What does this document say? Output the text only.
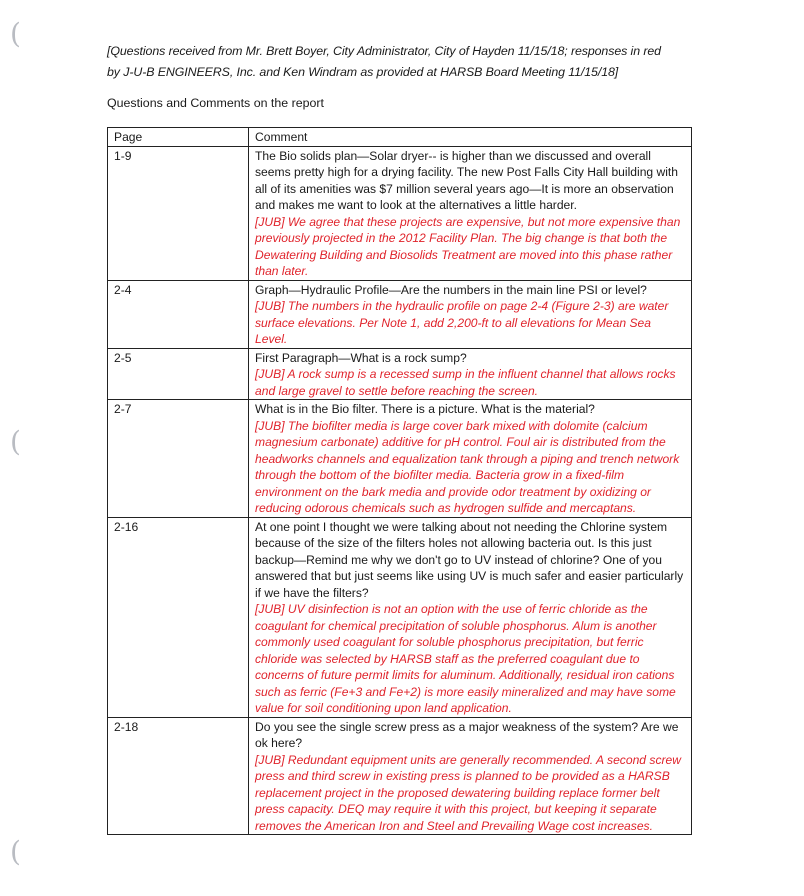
(
(
(
[Questions received from Mr. Brett Boyer, City Administrator, City of Hayden 11/15/18; responses in red
by J-U-B ENGINEERS, Inc. and Ken Windram as provided at HARSB Board Meeting 11/15/18]
Questions and Comments on the report
Page	Comment
1-9	The Bio solids plan—Solar dryer-- is higher than we discussed and overall seems pretty high for a drying facility. The new Post Falls City Hall building with all of its amenities was $7 million several years ago—It is more an observation and makes me want to look at the alternatives a little harder.
[JUB] We agree that these projects are expensive, but not more expensive than previously projected in the 2012 Facility Plan. The big change is that both the Dewatering Building and Biosolids Treatment are moved into this phase rather than later.

2-4	Graph—Hydraulic Profile—Are the numbers in the main line PSI or level?
[JUB] The numbers in the hydraulic profile on page 2-4 (Figure 2-3) are water surface elevations. Per Note 1, add 2,200-ft to all elevations for Mean Sea Level.

2-5	First Paragraph—What is a rock sump?
[JUB] A rock sump is a recessed sump in the influent channel that allows rocks and large gravel to settle before reaching the screen.

2-7	What is in the Bio filter. There is a picture. What is the material?
[JUB] The biofilter media is large cover bark mixed with dolomite (calcium magnesium carbonate) additive for pH control. Foul air is distributed from the headworks channels and equalization tank through a piping and trench network through the bottom of the biofilter media. Bacteria grow in a fixed-film environment on the bark media and provide odor treatment by oxidizing or reducing odorous chemicals such as hydrogen sulfide and mercaptans.

2-16	At one point I thought we were talking about not needing the Chlorine system because of the size of the filters holes not allowing bacteria out. Is this just backup—Remind me why we don't go to UV instead of chlorine? One of you answered that but just seems like using UV is much safer and easier particularly if we have the filters?
[JUB] UV disinfection is not an option with the use of ferric chloride as the coagulant for chemical precipitation of soluble phosphorus. Alum is another commonly used coagulant for soluble phosphorus precipitation, but ferric chloride was selected by HARSB staff as the preferred coagulant due to concerns of future permit limits for aluminum. Additionally, residual iron cations such as ferric (Fe+3 and Fe+2) is more easily mineralized and may have some value for soil conditioning upon land application.

2-18	Do you see the single screw press as a major weakness of the system? Are we ok here?
[JUB] Redundant equipment units are generally recommended. A second screw press and third screw in existing press is planned to be provided as a HARSB replacement project in the proposed dewatering building replace former belt press capacity. DEQ may require it with this project, but keeping it separate removes the American Iron and Steel and Prevailing Wage cost increases.
